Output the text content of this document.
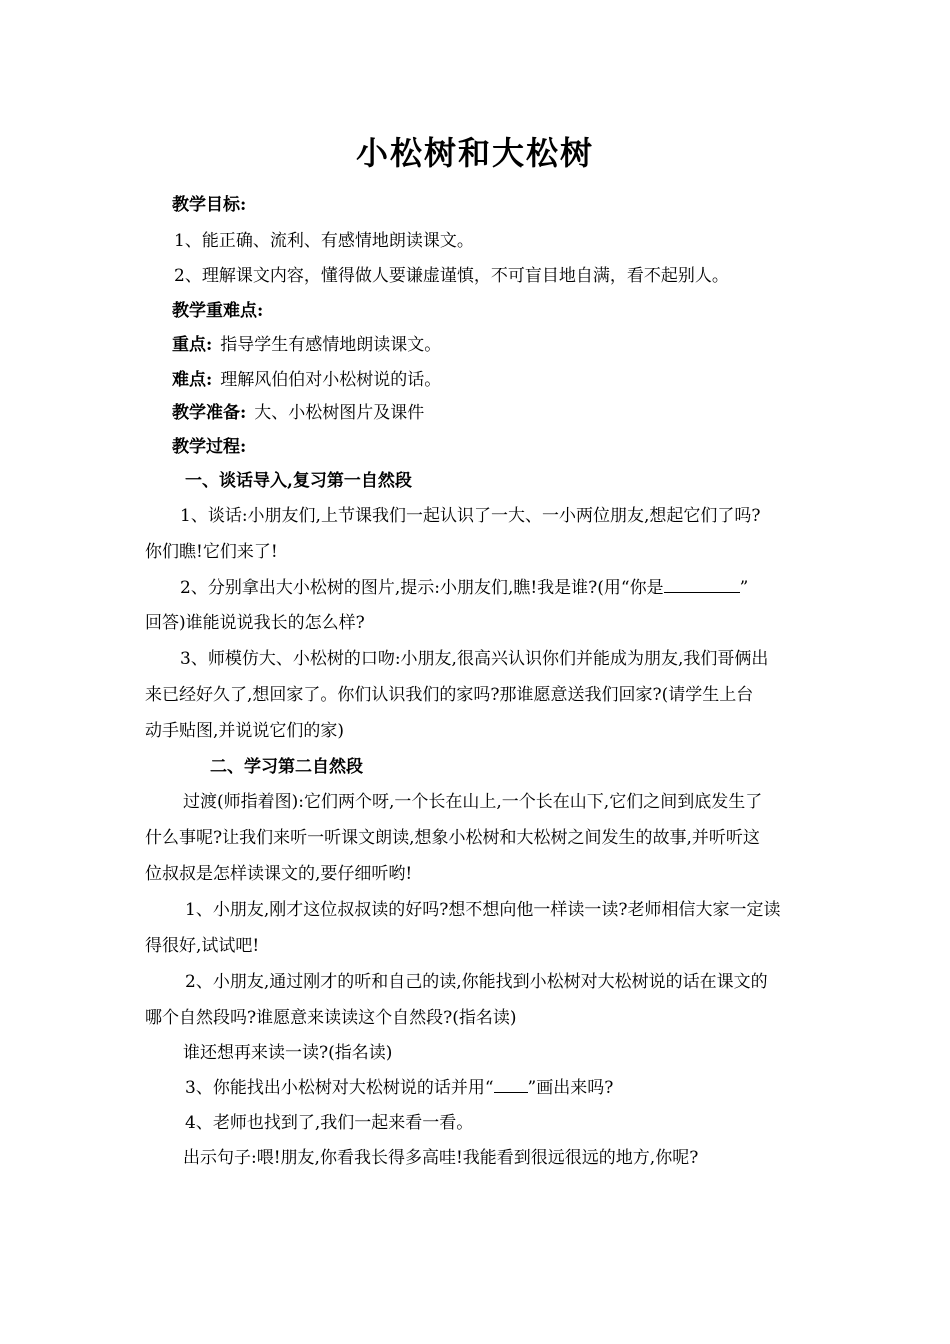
小松树和大松树
教学目标:
1、能正确、流利、有感情地朗读课文。
2、理解课文内容，懂得做人要谦虚谨慎，不可盲目地自满，看不起别人。
教学重难点:
重点: 指导学生有感情地朗读课文。
难点: 理解风伯伯对小松树说的话。
教学准备: 大、小松树图片及课件
教学过程:
一、谈话导入,复习第一自然段
1、谈话:小朋友们,上节课我们一起认识了一大、一小两位朋友,想起它们了吗?
你们瞧!它们来了!
2、分别拿出大小松树的图片,提示:小朋友们,瞧!我是谁?(用“你是	”
回答)谁能说说我长的怎么样?
3、师模仿大、小松树的口吻:小朋友,很高兴认识你们并能成为朋友,我们哥俩出
来已经好久了,想回家了。你们认识我们的家吗?那谁愿意送我们回家?(请学生上台
动手贴图,并说说它们的家)
二、学习第二自然段
过渡(师指着图):它们两个呀,一个长在山上,一个长在山下,它们之间到底发生了
什么事呢?让我们来听一听课文朗读,想象小松树和大松树之间发生的故事,并听听这
位叔叔是怎样读课文的,要仔细听哟!
1、小朋友,刚才这位叔叔读的好吗?想不想向他一样读一读?老师相信大家一定读
得很好,试试吧!
2、小朋友,通过刚才的听和自己的读,你能找到小松树对大松树说的话在课文的
哪个自然段吗?谁愿意来读读这个自然段?(指名读)
谁还想再来读一读?(指名读)
3、你能找出小松树对大松树说的话并用“ ”画出来吗?
4、老师也找到了,我们一起来看一看。
出示句子:喂!朋友,你看我长得多高哇!我能看到很远很远的地方,你呢?
